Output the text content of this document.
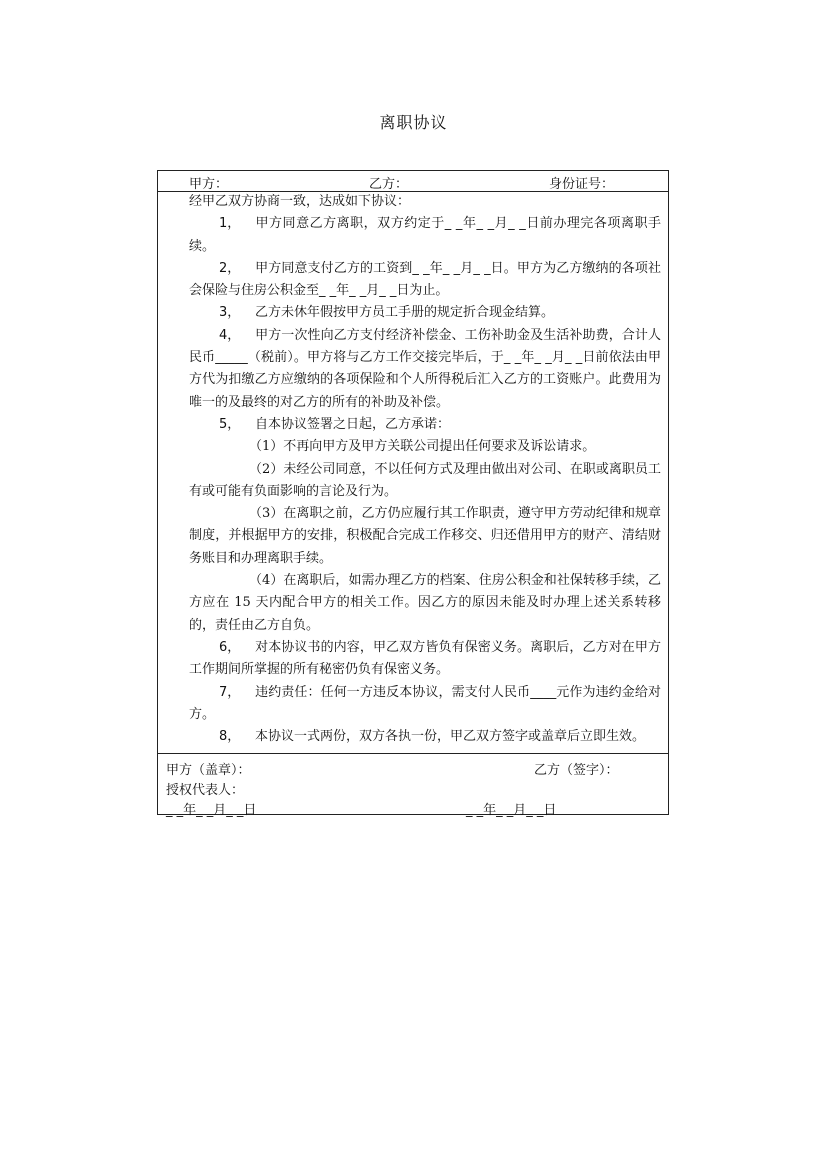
离职协议
甲方：	乙方：	身份证号：

经甲乙双方协商一致，达成如下协议：

1， 甲方同意乙方离职，双方约定于_ _年_ _月_ _日前办理完各项离职手续。

2， 甲方同意支付乙方的工资到_ _年_ _月_ _日。甲方为乙方缴纳的各项社会保险与住房公积金至_ _年_ _月_ _日为止。

3， 乙方未休年假按甲方员工手册的规定折合现金结算。

4， 甲方一次性向乙方支付经济补偿金、工伤补助金及生活补助费，合计人民币_____（税前）。甲方将与乙方工作交接完毕后，于_ _年_ _月_ _日前依法由甲方代为扣缴乙方应缴纳的各项保险和个人所得税后汇入乙方的工资账户。此费用为唯一的及最终的对乙方的所有的补助及补偿。

5， 自本协议签署之日起，乙方承诺：

（1）不再向甲方及甲方关联公司提出任何要求及诉讼请求。

（2）未经公司同意，不以任何方式及理由做出对公司、在职或离职员工有或可能有负面影响的言论及行为。

（3）在离职之前，乙方仍应履行其工作职责，遵守甲方劳动纪律和规章制度，并根据甲方的安排，积极配合完成工作移交、归还借用甲方的财产、清结财务账目和办理离职手续。

（4）在离职后，如需办理乙方的档案、住房公积金和社保转移手续，乙方应在 15 天内配合甲方的相关工作。因乙方的原因未能及时办理上述关系转移的，责任由乙方自负。

6， 对本协议书的内容，甲乙双方皆负有保密义务。离职后，乙方对在甲方工作期间所掌握的所有秘密仍负有保密义务。

7， 违约责任：任何一方违反本协议，需支付人民币____元作为违约金给对方。

8， 本协议一式两份，双方各执一份，甲乙双方签字或盖章后立即生效。

甲方（盖章）：	乙方（签字）：
授权代表人：
_ _年_ _月_ _日	_ _年_ _月_ _日
